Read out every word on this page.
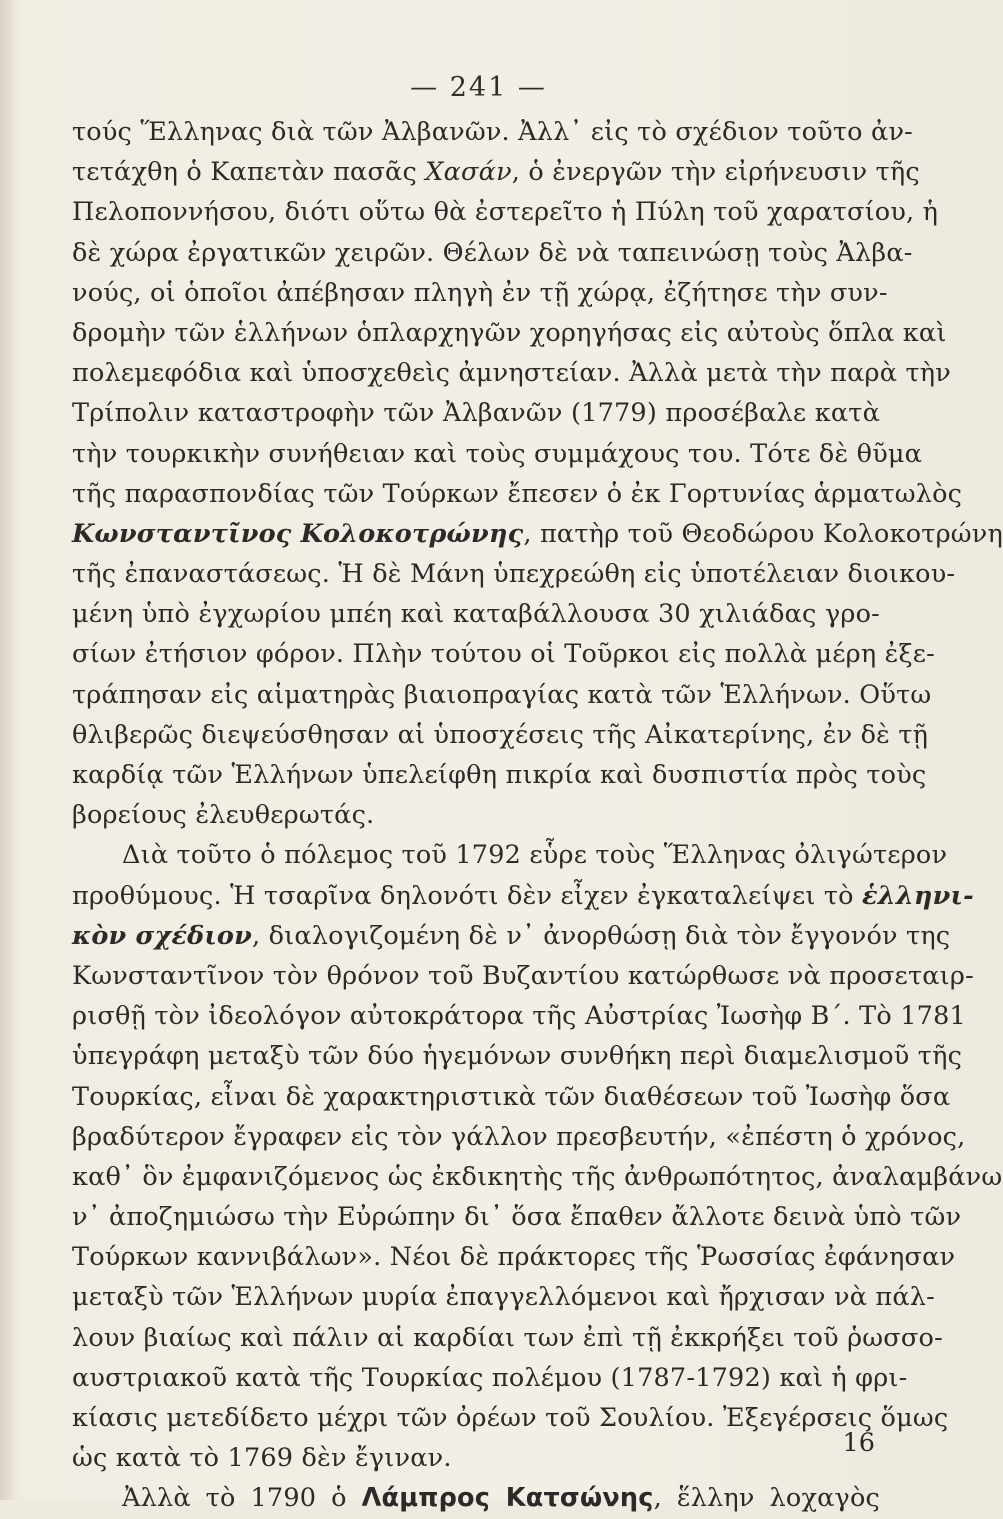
— 241 —
τούς Ἕλληνας διὰ τῶν Ἀλβανῶν. Ἀλλ᾽ εἰς τὸ σχέδιον τοῦτο ἀν-
τετάχθη ὁ Καπετὰν πασᾶς Χασάν, ὁ ἐνεργῶν τὴν εἰρήνευσιν τῆς
Πελοποννήσου, διότι οὕτω θὰ ἐστερεῖτο ἡ Πύλη τοῦ χαρατσίου, ἡ
δὲ χώρα ἐργατικῶν χειρῶν. Θέλων δὲ νὰ ταπεινώσῃ τοὺς Ἀλβα-
νούς, οἱ ὁποῖοι ἀπέβησαν πληγὴ ἐν τῇ χώρᾳ, ἐζήτησε τὴν συν-
δρομὴν τῶν ἑλλήνων ὁπλαρχηγῶν χορηγήσας εἰς αὐτοὺς ὅπλα καὶ
πολεμεφόδια καὶ ὑποσχεθεὶς ἀμνηστείαν. Ἀλλὰ μετὰ τὴν παρὰ τὴν
Τρίπολιν καταστροφὴν τῶν Ἀλβανῶν (1779) προσέβαλε κατὰ
τὴν τουρκικὴν συνήθειαν καὶ τοὺς συμμάχους του. Τότε δὲ θῦμα
τῆς παρασπονδίας τῶν Τούρκων ἔπεσεν ὁ ἐκ Γορτυνίας ἁρματωλὸς
Κωνσταντῖνος Κολοκοτρώνης, πατὴρ τοῦ Θεοδώρου Κολοκοτρώνη
τῆς ἐπαναστάσεως. Ἡ δὲ Μάνη ὑπεχρεώθη εἰς ὑποτέλειαν διοικου-
μένη ὑπὸ ἐγχωρίου μπέη καὶ καταβάλλουσα 30 χιλιάδας γρο-
σίων ἐτήσιον φόρον. Πλὴν τούτου οἱ Τοῦρκοι εἰς πολλὰ μέρη ἐξε-
τράπησαν εἰς αἱματηρὰς βιαιοπραγίας κατὰ τῶν Ἑλλήνων. Οὕτω
θλιβερῶς διεψεύσθησαν αἱ ὑποσχέσεις τῆς Αἰκατερίνης, ἐν δὲ τῇ
καρδίᾳ τῶν Ἑλλήνων ὑπελείφθη πικρία καὶ δυσπιστία πρὸς τοὺς
βορείους ἐλευθερωτάς.
Διὰ τοῦτο ὁ πόλεμος τοῦ 1792 εὗρε τοὺς Ἕλληνας ὀλιγώτερον
προθύμους. Ἡ τσαρῖνα δηλονότι δὲν εἶχεν ἐγκαταλείψει τὸ ἑλληνι-
κὸν σχέδιον, διαλογιζομένη δὲ ν᾽ ἀνορθώσῃ διὰ τὸν ἔγγονόν της
Κωνσταντῖνον τὸν θρόνον τοῦ Βυζαντίου κατώρθωσε νὰ προσεταιρ-
ρισθῇ τὸν ἰδεολόγον αὐτοκράτορα τῆς Αὐστρίας Ἰωσὴφ Β΄. Τὸ 1781
ὑπεγράφη μεταξὺ τῶν δύο ἡγεμόνων συνθήκη περὶ διαμελισμοῦ τῆς
Τουρκίας, εἶναι δὲ χαρακτηριστικὰ τῶν διαθέσεων τοῦ Ἰωσὴφ ὅσα
βραδύτερον ἔγραφεν εἰς τὸν γάλλον πρεσβευτήν, «ἐπέστη ὁ χρόνος,
καθ᾽ ὃν ἐμφανιζόμενος ὡς ἐκδικητὴς τῆς ἀνθρωπότητος, ἀναλαμβάνω
ν᾽ ἀποζημιώσω τὴν Εὐρώπην δι᾽ ὅσα ἔπαθεν ἄλλοτε δεινὰ ὑπὸ τῶν
Τούρκων καννιβάλων». Νέοι δὲ πράκτορες τῆς Ῥωσσίας ἐφάνησαν
μεταξὺ τῶν Ἑλλήνων μυρία ἐπαγγελλόμενοι καὶ ἤρχισαν νὰ πάλ-
λουν βιαίως καὶ πάλιν αἱ καρδίαι των ἐπὶ τῇ ἐκκρήξει τοῦ ῥωσσο-
αυστριακοῦ κατὰ τῆς Τουρκίας πολέμου (1787-1792) καὶ ἡ φρι-
κίασις μετεδίδετο μέχρι τῶν ὀρέων τοῦ Σουλίου. Ἐξεγέρσεις ὅμως
ὡς κατὰ τὸ 1769 δὲν ἔγιναν.
Ἀλλὰ τὸ 1790 ὁ Λάμπρος Κατσώνης, ἕλλην λοχαγὸς
16
